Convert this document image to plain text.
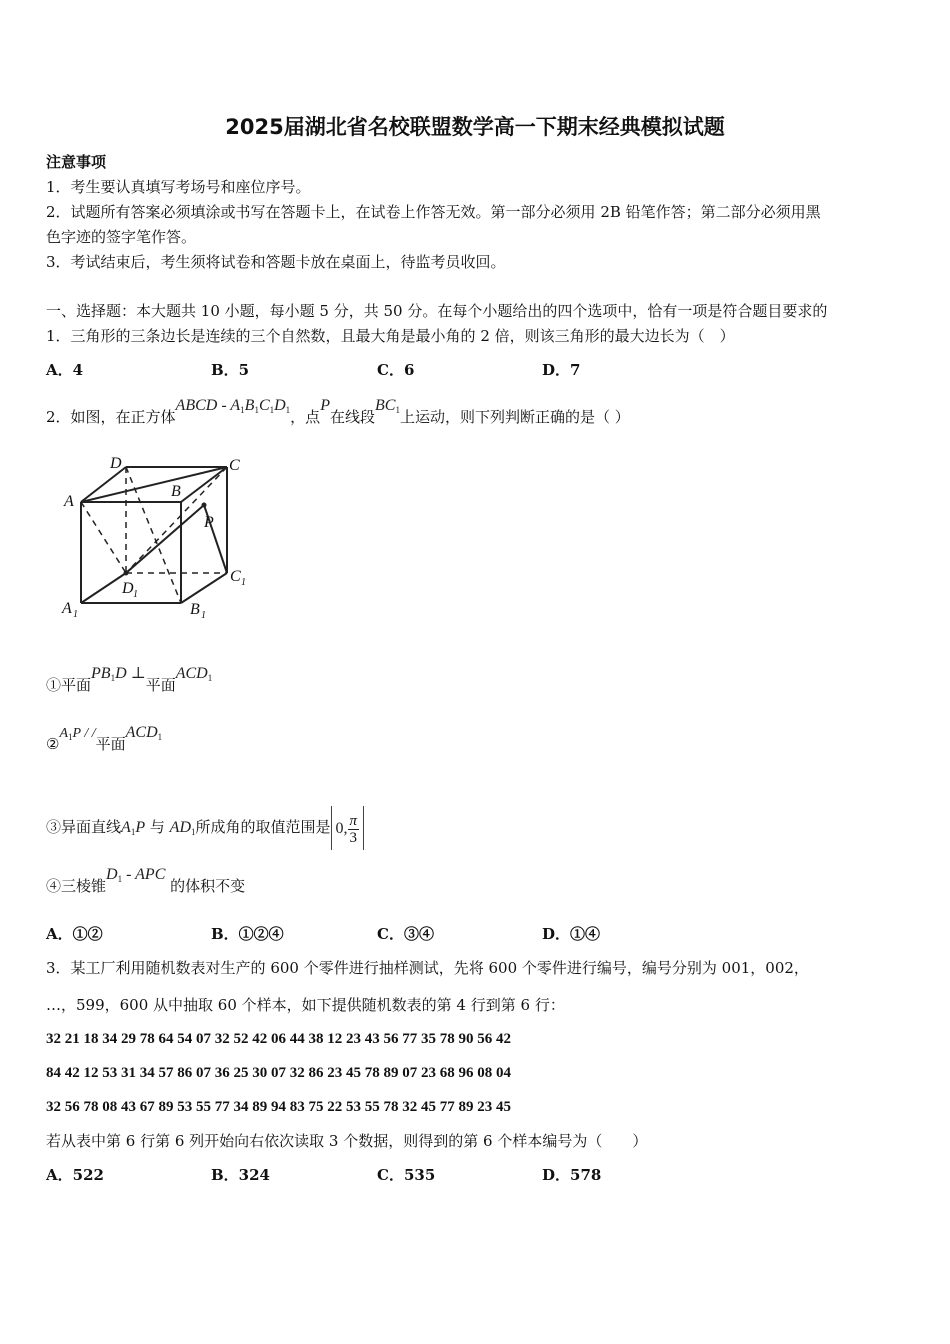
2025届湖北省名校联盟数学高一下期末经典模拟试题
注意事项
1．考生要认真填写考场号和座位序号。
2．试题所有答案必须填涂或书写在答题卡上，在试卷上作答无效。第一部分必须用 2B 铅笔作答；第二部分必须用黑
色字迹的签字笔作答。
3．考试结束后，考生须将试卷和答题卡放在桌面上，待监考员收回。
一、选择题：本大题共 10 小题，每小题 5 分，共 50 分。在每个小题给出的四个选项中，恰有一项是符合题目要求的
1．三角形的三条边长是连续的三个自然数，且最大角是最小角的 2 倍，则该三角形的最大边长为（　）
A．4	B．5	C．6	D．7
2．如图，在正方体ABCD - $A_1B_1C_1D_1$，点P在线段$BC_1$上运动，则下列判断正确的是（ ）
D	C
A
B
P
D 1
C 1
A 1	B 1
①平面$PB_1D$ ⊥平面$ACD_1$
$②A_1P$ / /平面$ACD_1$
③异面直线$A_1P$ 与 $AD_1$所成角的取值范围是 0, $\frac{\pi}{3}$
④三棱锥$D_1$ - APC 的体积不变
A．①②	B．①②④	C．③④	D．①④
3．某工厂利用随机数表对生产的 600 个零件进行抽样测试，先将 600 个零件进行编号，编号分别为 001，002，
…，599，600 从中抽取 60 个样本，如下提供随机数表的第 4 行到第 6 行：
32 21 18 34 29 78 64 54 07 32 52 42 06 44 38 12 23 43 56 77 35 78 90 56 42
84 42 12 53 31 34 57 86 07 36 25 30 07 32 86 23 45 78 89 07 23 68 96 08 04
32 56 78 08 43 67 89 53 55 77 34 89 94 83 75 22 53 55 78 32 45 77 89 23 45
若从表中第 6 行第 6 列开始向右依次读取 3 个数据，则得到的第 6 个样本编号为（　　）
A．522	B．324	C．535	D．578
